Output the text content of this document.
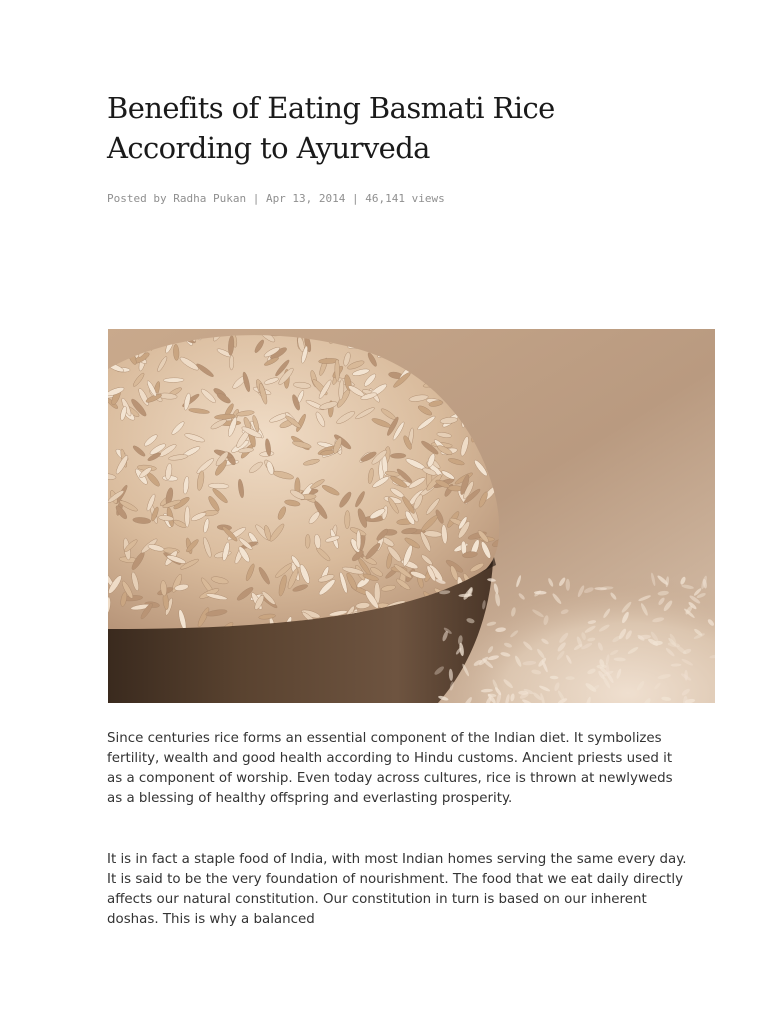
Benefits of Eating Basmati Rice According to Ayurveda

Posted by Radha Pukan | Apr 13, 2014 | 46,141 views

Since centuries rice forms an essential component of the Indian diet. It symbolizes fertility, wealth and good health according to Hindu customs. Ancient priests used it as a component of worship. Even today across cultures, rice is thrown at newlyweds as a blessing of healthy offspring and everlasting prosperity.

It is in fact a staple food of India, with most Indian homes serving the same every day. It is said to be the very foundation of nourishment. The food that we eat daily directly affects our natural constitution. Our constitution in turn is based on our inherent doshas. This is why a balanced
